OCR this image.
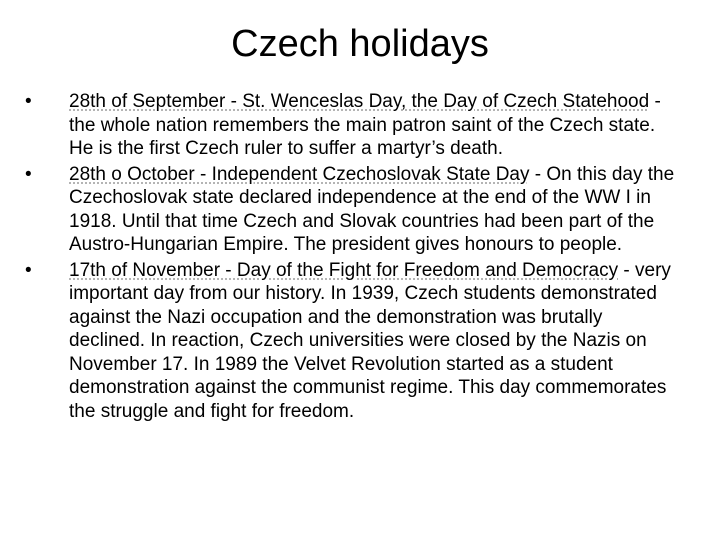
Czech holidays
•	28th of September - St. Wenceslas Day, the Day of Czech Statehood - the whole nation remembers the main patron saint of the Czech state. He is the first Czech ruler to suffer a martyr’s death.
•	28th o October - Independent Czechoslovak State Day - On this day the Czechoslovak state declared independence at the end of the WW I in 1918. Until that time Czech and Slovak countries had been part of the Austro‑Hungarian Empire. The president gives honours to people.
•	17th of November - Day of the Fight for Freedom and Democracy - very important day from our history. In 1939, Czech students demonstrated against the Nazi occupation and the demonstration was brutally declined. In reaction, Czech universities were closed by the Nazis on November 17. In 1989 the Velvet Revolution started as a student demonstration against the communist regime. This day commemorates the struggle and fight for freedom.
